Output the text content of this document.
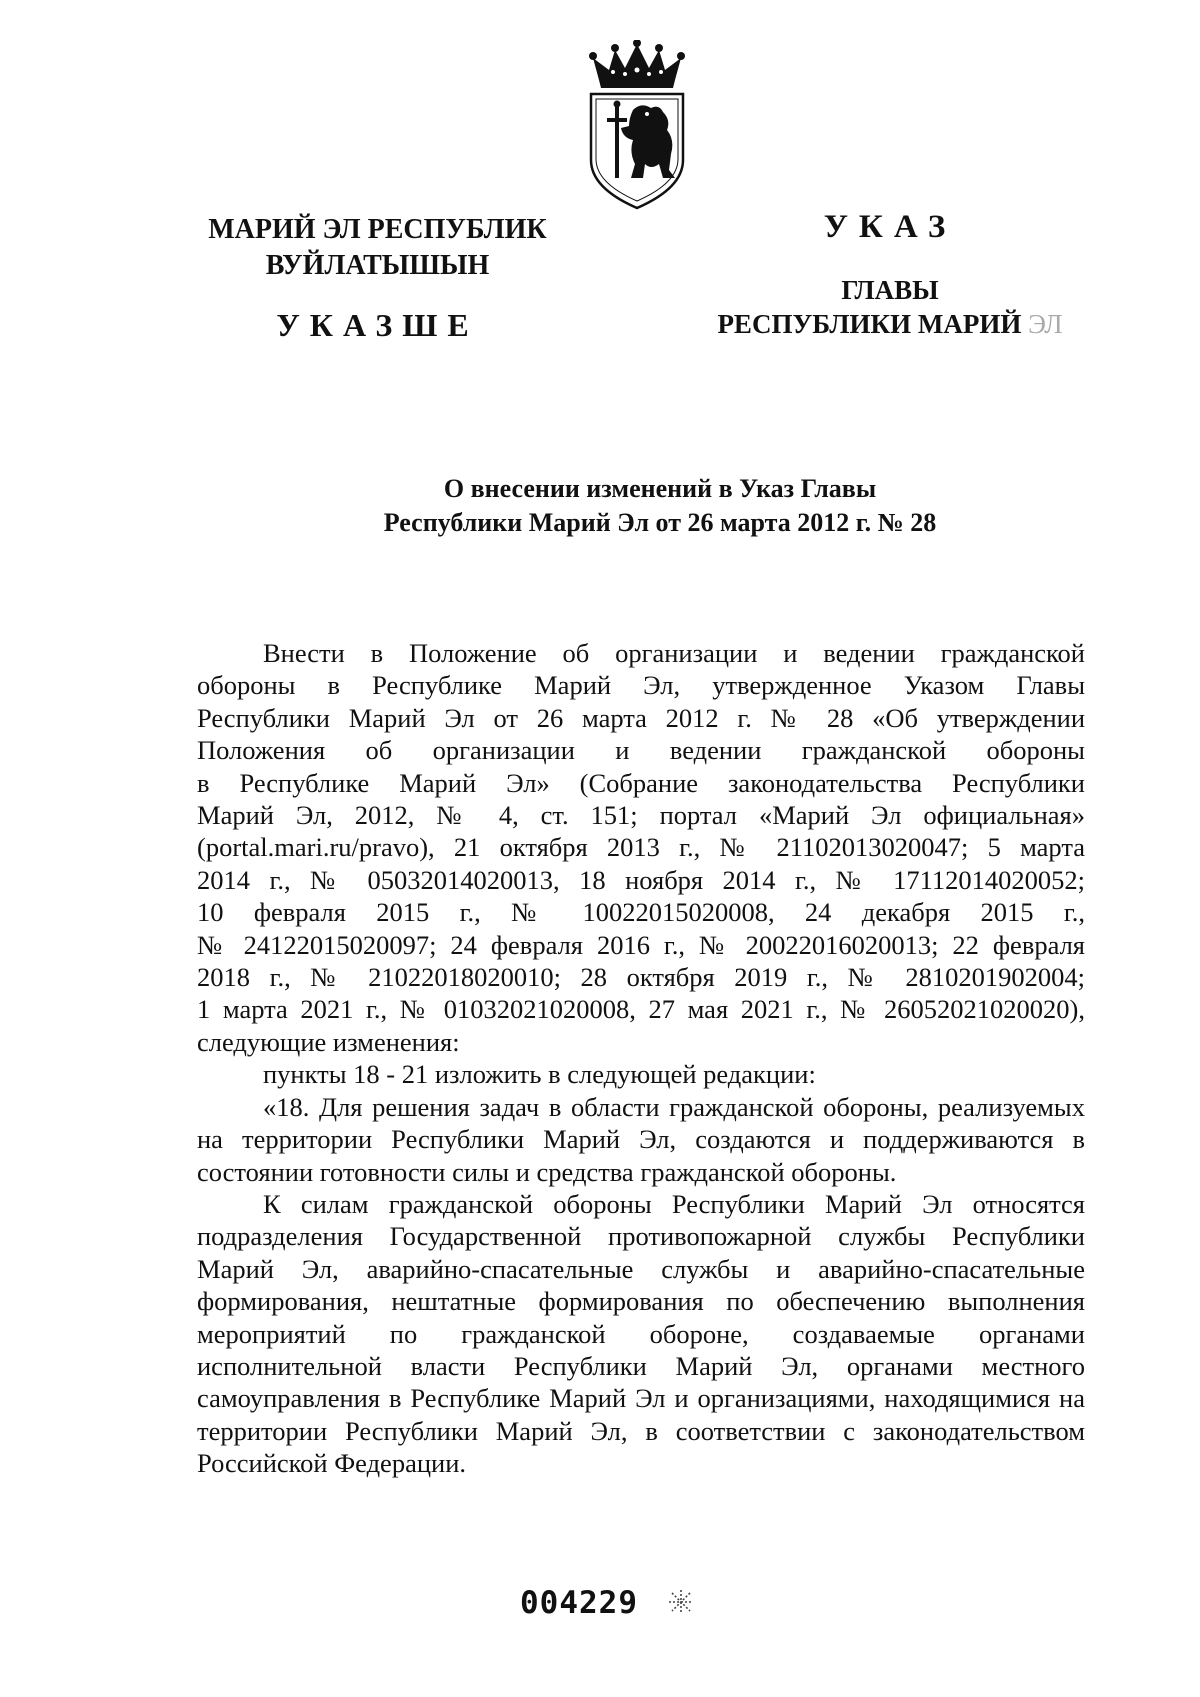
МАРИЙ ЭЛ РЕСПУБЛИК
ВУЙЛАТЫШЫН
УКАЗШЕ
УКАЗ
ГЛАВЫ
РЕСПУБЛИКИ МАРИЙ ЭЛ
О внесении изменений в Указ Главы
Республики Марий Эл от 26 марта 2012 г. № 28

Внести в Положение об организации и ведении гражданской

обороны в Республике Марий Эл, утвержденное Указом Главы
Республики Марий Эл от 26 марта 2012 г. № 28 «Об утверждении
Положения об организации и ведении гражданской обороны
в Республике Марий Эл» (Собрание законодательства Республики
Марий Эл, 2012, № 4, ст. 151; портал «Марий Эл официальная»
(portal.mari.ru/pravo), 21 октября 2013 г., № 21102013020047; 5 марта
2014 г., № 05032014020013, 18 ноября 2014 г., № 17112014020052;
10 февраля 2015 г., № 10022015020008, 24 декабря 2015 г.,
№ 24122015020097; 24 февраля 2016 г., № 20022016020013; 22 февраля
2018 г., № 21022018020010; 28 октября 2019 г., № 2810201902004;
1 марта 2021 г., № 01032021020008, 27 мая 2021 г., № 26052021020020),
следующие изменения:

пункты 18 - 21 изложить в следующей редакции:

«18. Для решения задач в области гражданской обороны, реализуемых на территории Республики Марий Эл, создаются и поддерживаются в состоянии готовности силы и средства гражданской обороны.

К силам гражданской обороны Республики Марий Эл относятся подразделения Государственной противопожарной службы Республики Марий Эл, аварийно-спасательные службы и аварийно-спасательные формирования, нештатные формирования по обеспечению выполнения мероприятий по гражданской обороне, создаваемые органами исполнительной власти Республики Марий Эл, органами местного самоуправления в Республике Марий Эл и организациями, находящимися на территории Республики Марий Эл, в соответствии с законодательством Российской Федерации.

004229
